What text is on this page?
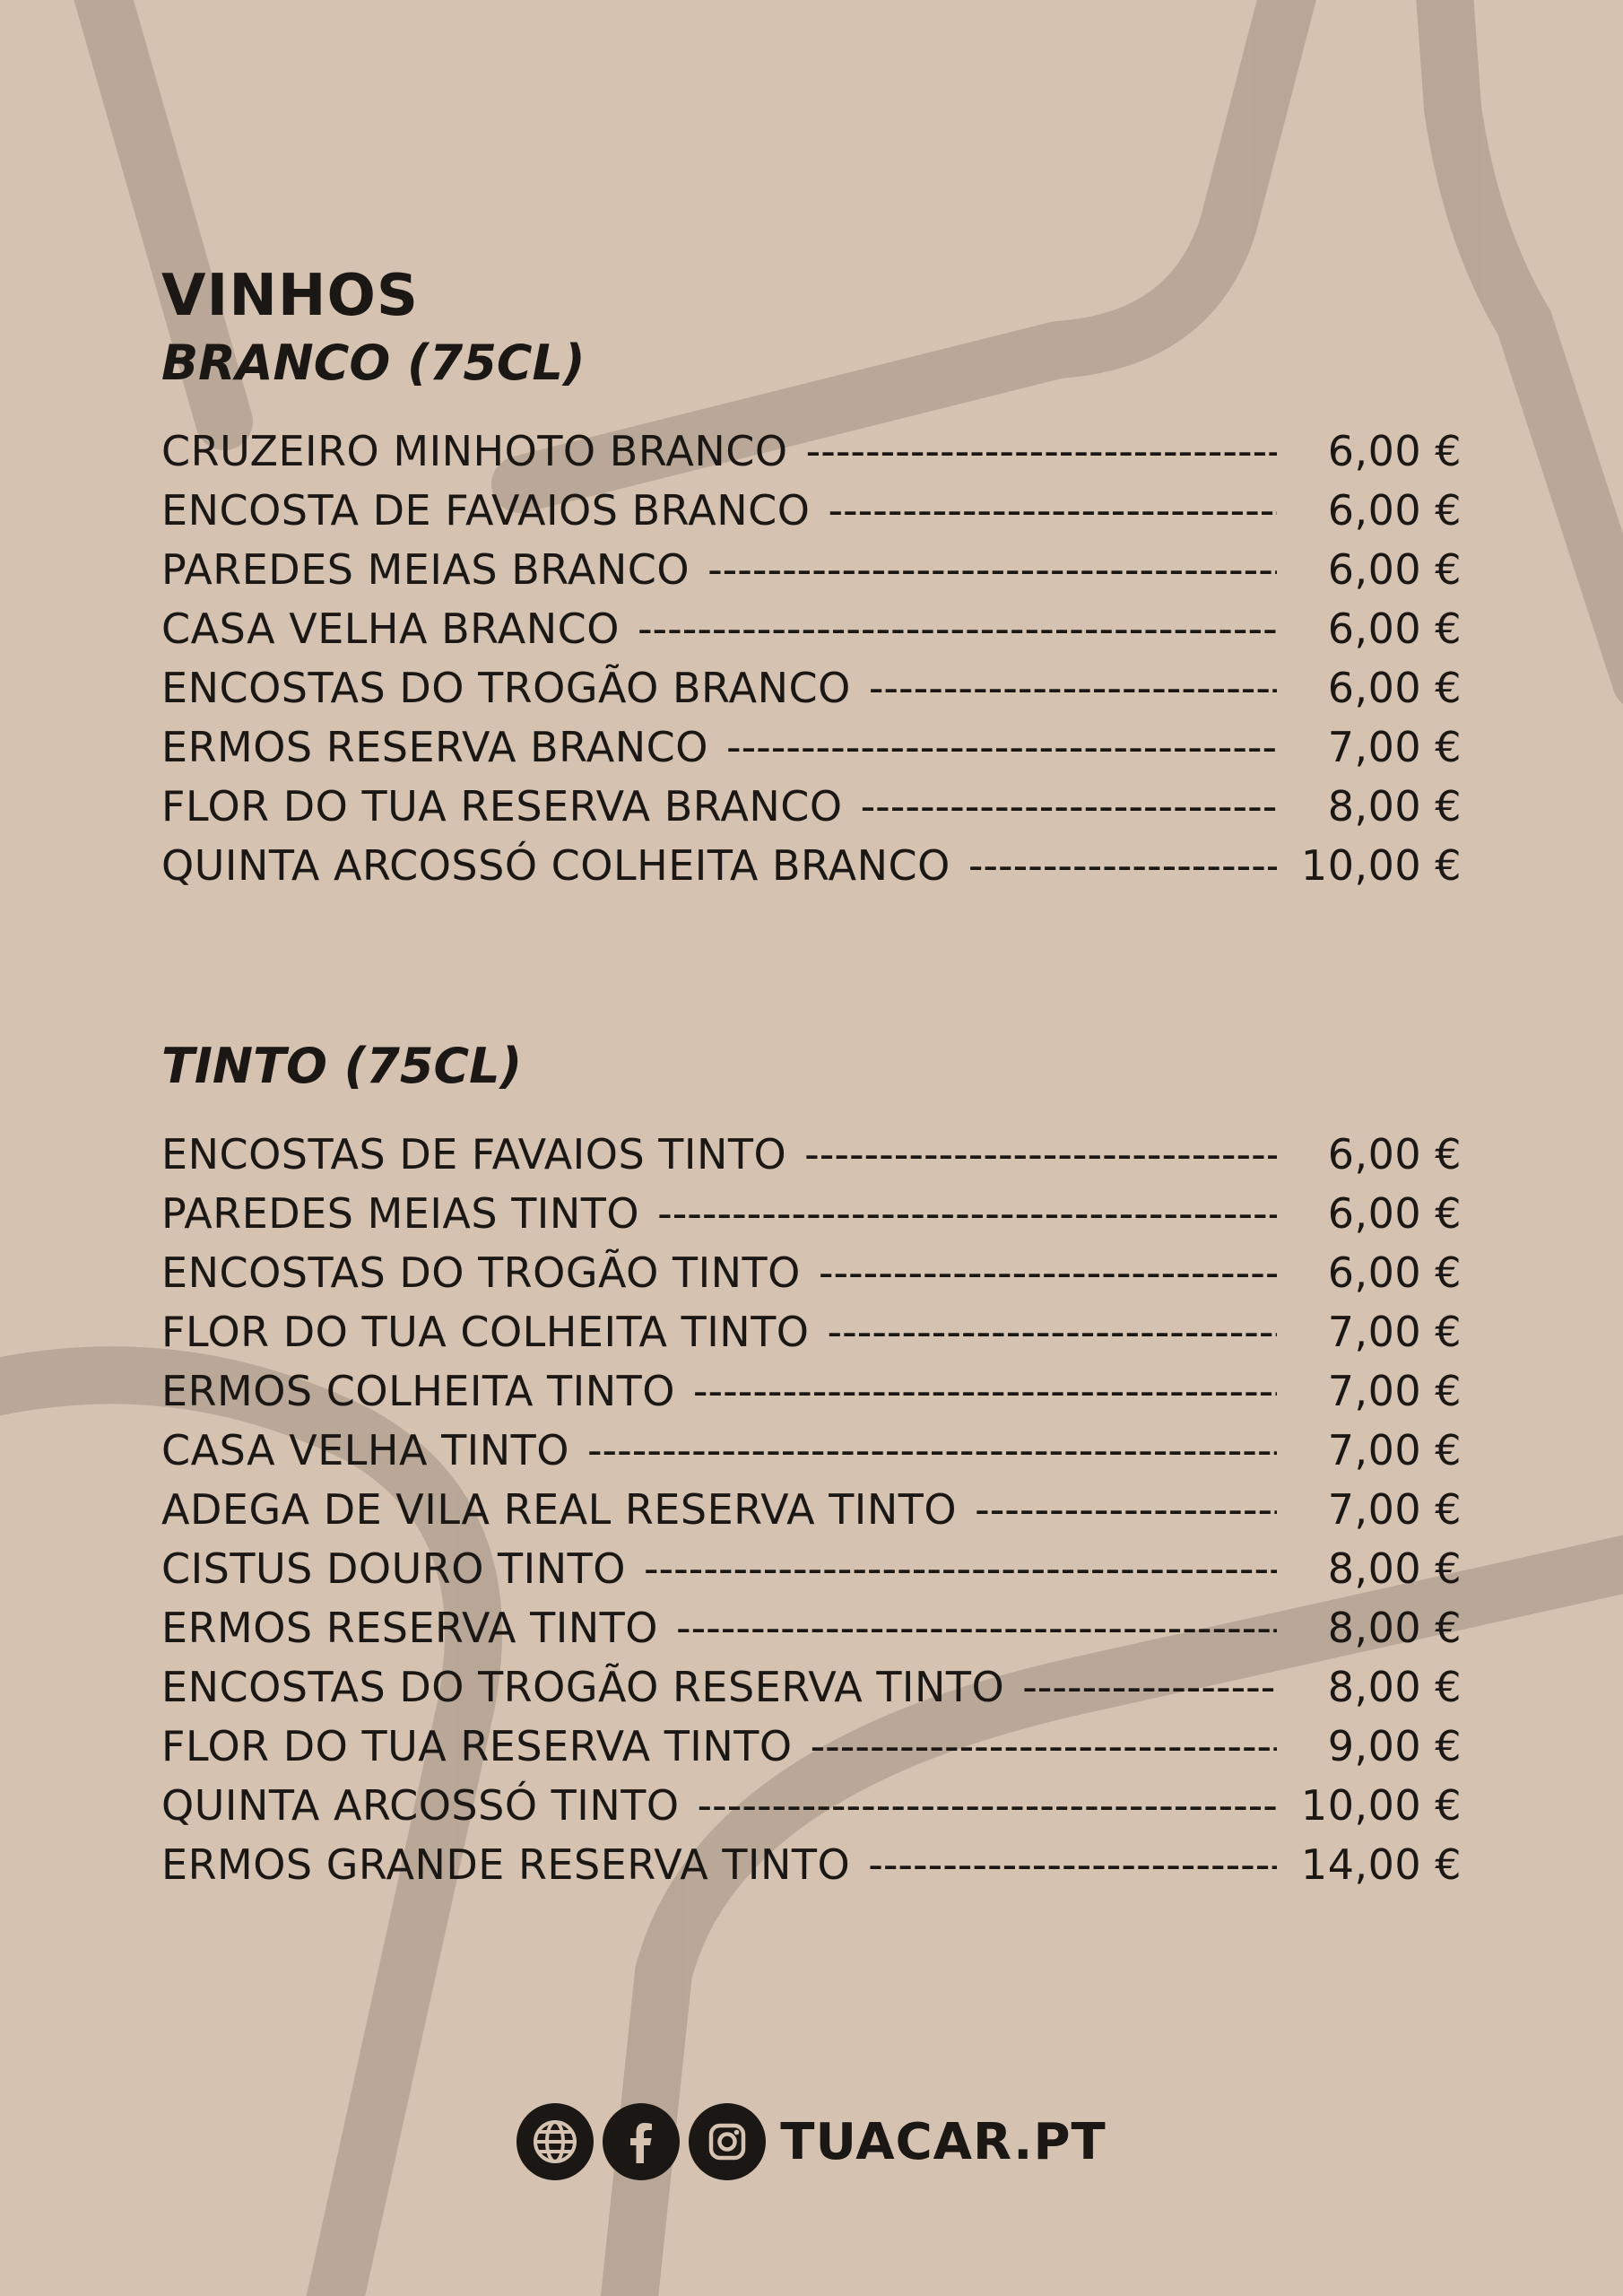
VINHOS
BRANCO (75CL)
CRUZEIRO MINHOTO BRANCO -----	6,00 €
ENCOSTA DE FAVAIOS BRANCO -----	6,00 €
PAREDES MEIAS BRANCO -----	6,00 €
CASA VELHA BRANCO -----	6,00 €
ENCOSTAS DO TROGÃO BRANCO -----	6,00 €
ERMOS RESERVA BRANCO -----	7,00 €
FLOR DO TUA RESERVA BRANCO -----	8,00 €
QUINTA ARCOSSÓ COLHEITA BRANCO -----	10,00 €
TINTO (75CL)
ENCOSTAS DE FAVAIOS TINTO -----	6,00 €
PAREDES MEIAS TINTO -----	6,00 €
ENCOSTAS DO TROGÃO TINTO -----	6,00 €
FLOR DO TUA COLHEITA TINTO -----	7,00 €
ERMOS COLHEITA TINTO -----	7,00 €
CASA VELHA TINTO -----	7,00 €
ADEGA DE VILA REAL RESERVA TINTO -----	7,00 €
CISTUS DOURO TINTO -----	8,00 €
ERMOS RESERVA TINTO -----	8,00 €
ENCOSTAS DO TROGÃO RESERVA TINTO -----	8,00 €
FLOR DO TUA RESERVA TINTO -----	9,00 €
QUINTA ARCOSSÓ TINTO -----	10,00 €
ERMOS GRANDE RESERVA TINTO -----	14,00 €
TUACAR.PT
